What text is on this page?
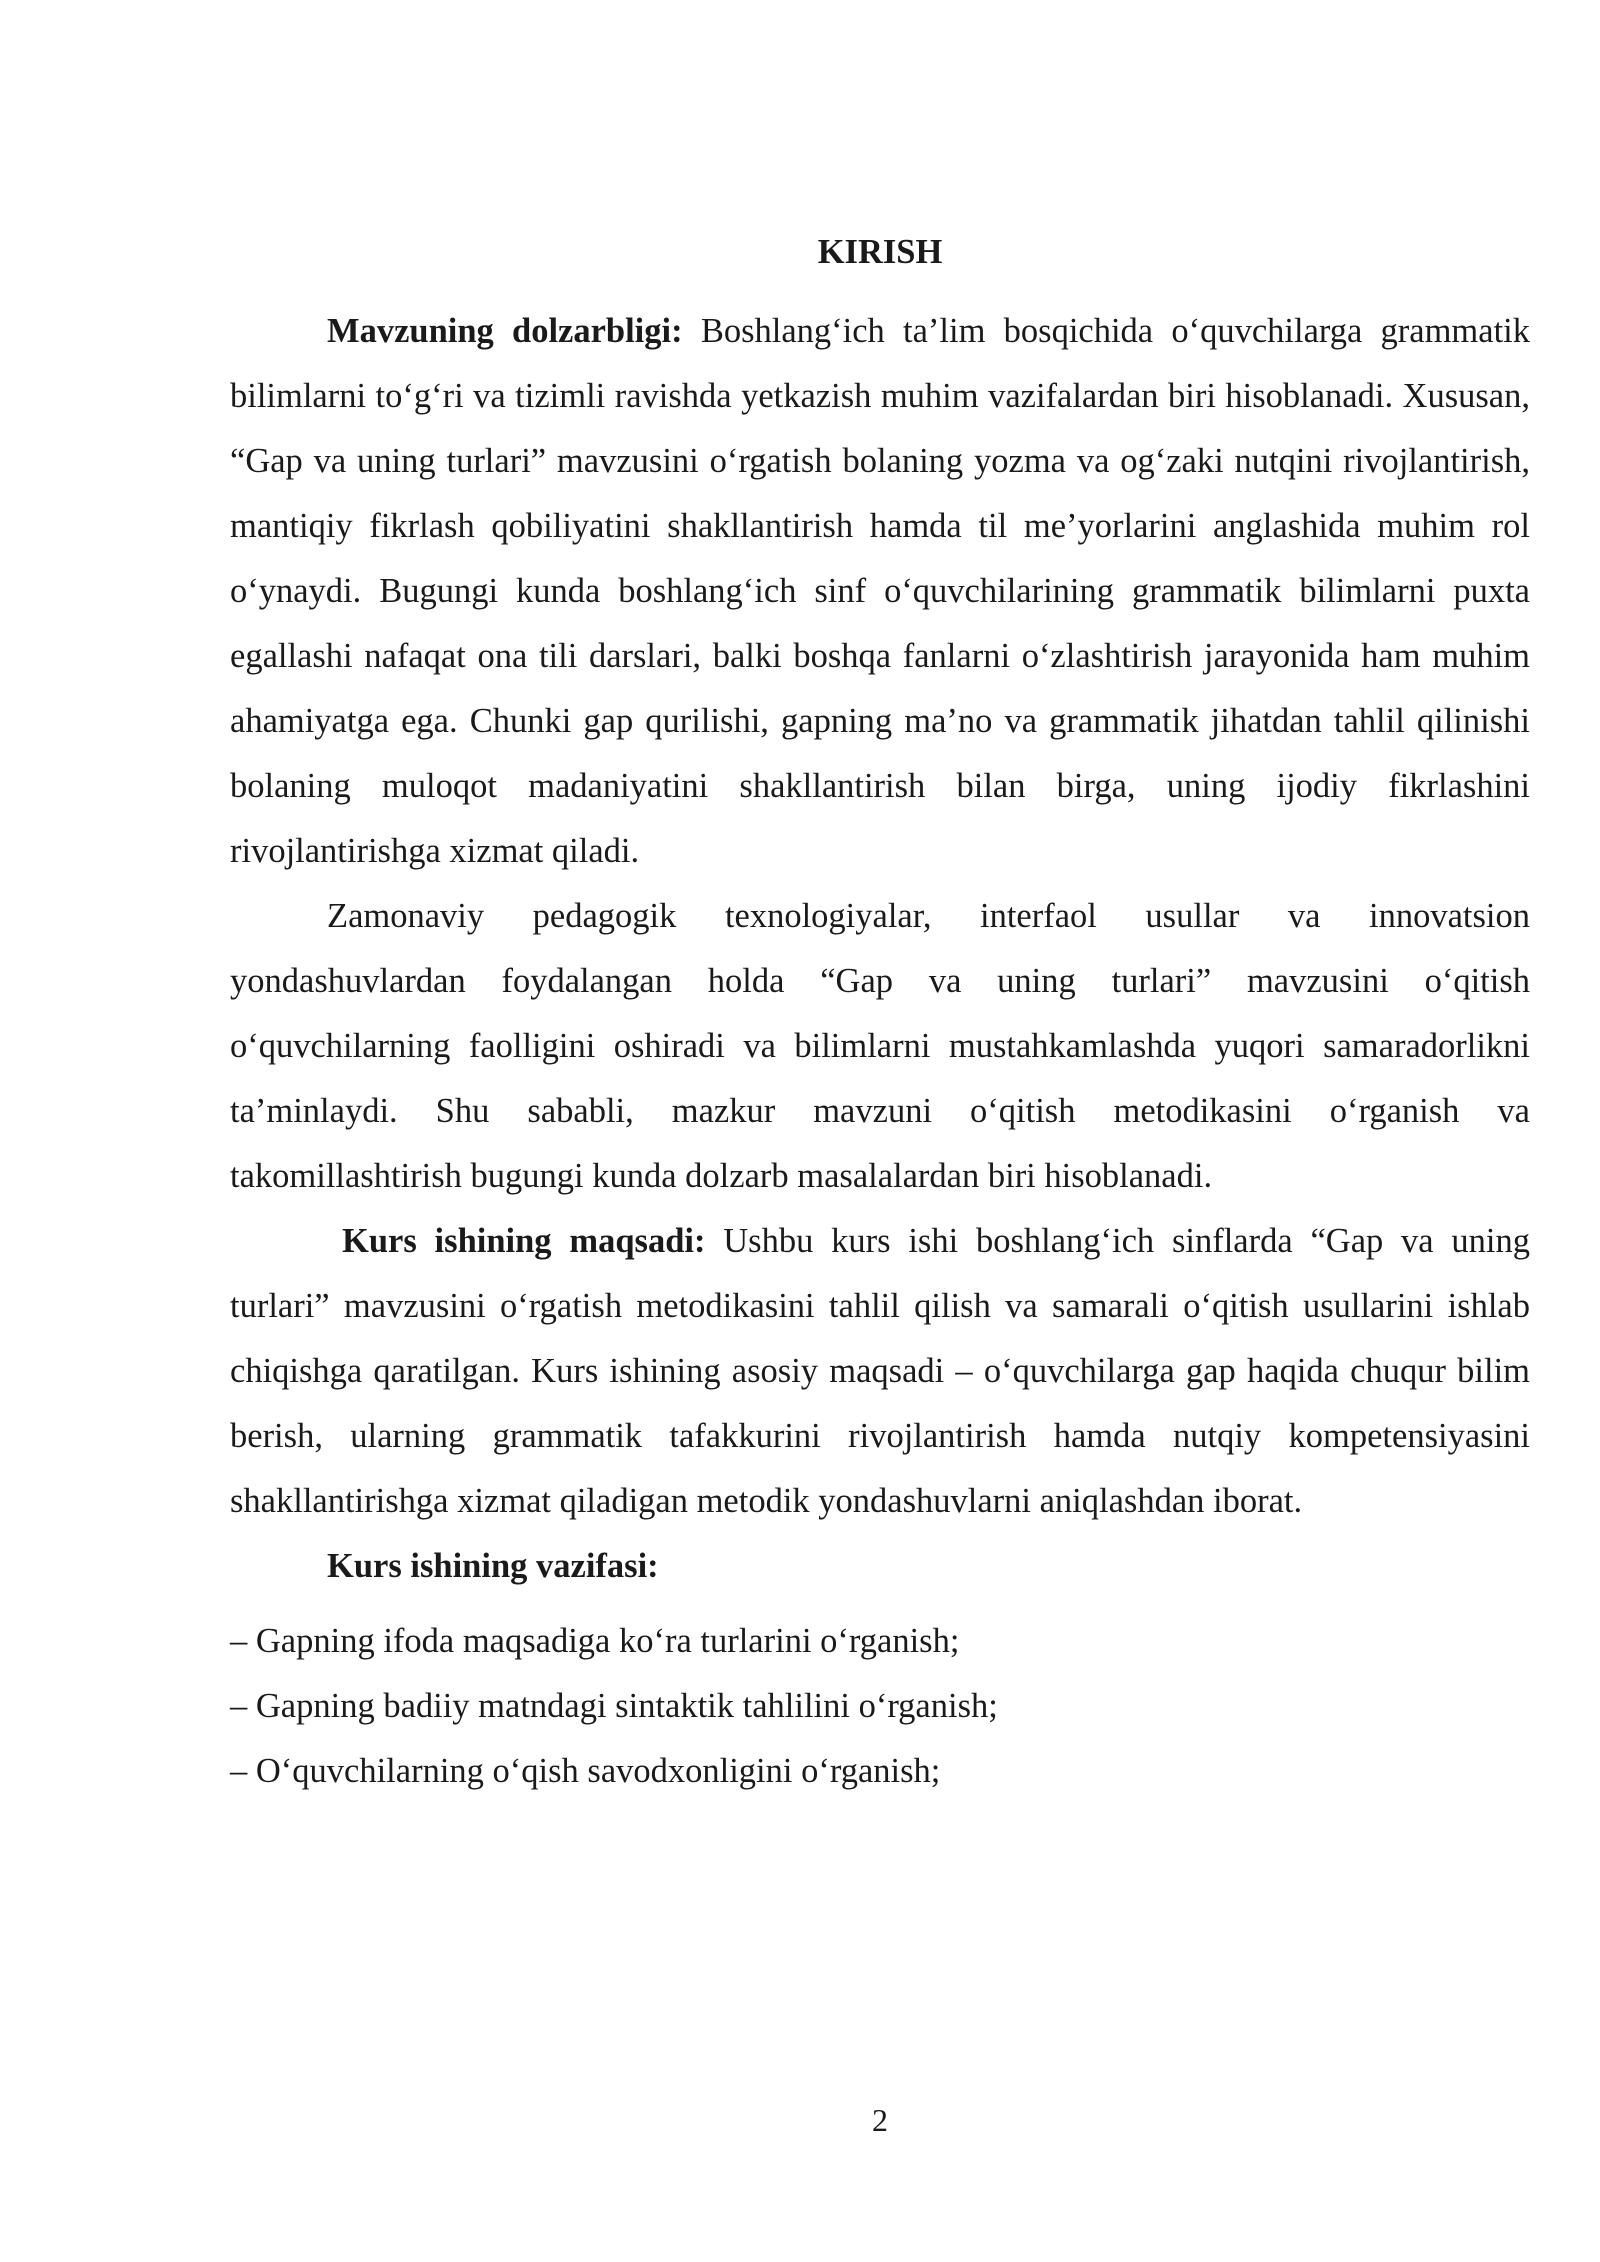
KIRISH

Mavzuning dolzarbligi: Boshlang‘ich ta’lim bosqichida o‘quvchilarga grammatik bilimlarni to‘g‘ri va tizimli ravishda yetkazish muhim vazifalardan biri hisoblanadi. Xususan, “Gap va uning turlari” mavzusini o‘rgatish bolaning yozma va og‘zaki nutqini rivojlantirish, mantiqiy fikrlash qobiliyatini shakllantirish hamda til me’yorlarini anglashida muhim rol o‘ynaydi. Bugungi kunda boshlang‘ich sinf o‘quvchilarining grammatik bilimlarni puxta egallashi nafaqat ona tili darslari, balki boshqa fanlarni o‘zlashtirish jarayonida ham muhim ahamiyatga ega. Chunki gap qurilishi, gapning ma’no va grammatik jihatdan tahlil qilinishi bolaning muloqot madaniyatini shakllantirish bilan birga, uning ijodiy fikrlashini rivojlantirishga xizmat qiladi.

Zamonaviy pedagogik texnologiyalar, interfaol usullar va innovatsion yondashuvlardan foydalangan holda “Gap va uning turlari” mavzusini o‘qitish o‘quvchilarning faolligini oshiradi va bilimlarni mustahkamlashda yuqori samaradorlikni ta’minlaydi. Shu sababli, mazkur mavzuni o‘qitish metodikasini o‘rganish va takomillashtirish bugungi kunda dolzarb masalalardan biri hisoblanadi.

Kurs ishining maqsadi: Ushbu kurs ishi boshlang‘ich sinflarda “Gap va uning turlari” mavzusini o‘rgatish metodikasini tahlil qilish va samarali o‘qitish usullarini ishlab chiqishga qaratilgan. Kurs ishining asosiy maqsadi – o‘quvchilarga gap haqida chuqur bilim berish, ularning grammatik tafakkurini rivojlantirish hamda nutqiy kompetensiyasini shakllantirishga xizmat qiladigan metodik yondashuvlarni aniqlashdan iborat.

Kurs ishining vazifasi:

– Gapning ifoda maqsadiga ko‘ra turlarini o‘rganish;
– Gapning badiiy matndagi sintaktik tahlilini o‘rganish;
– O‘quvchilarning o‘qish savodxonligini o‘rganish;
2
